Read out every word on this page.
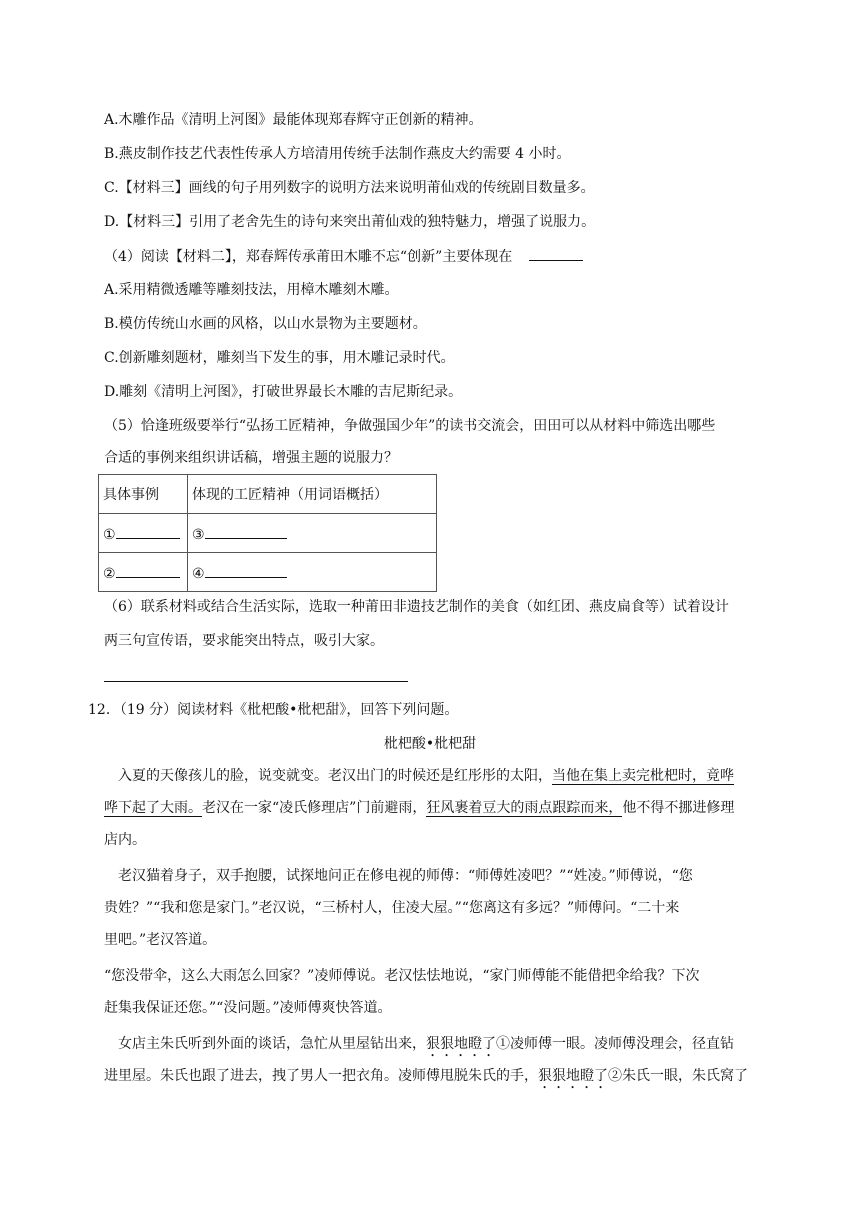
A.木雕作品《清明上河图》最能体现郑春辉守正创新的精神。
B.燕皮制作技艺代表性传承人方培清用传统手法制作燕皮大约需要 4 小时。
C.【材料三】画线的句子用列数字的说明方法来说明莆仙戏的传统剧目数量多。
D.【材料三】引用了老舍先生的诗句来突出莆仙戏的独特魅力，增强了说服力。
（4）阅读【材料二】，郑春辉传承莆田木雕不忘“创新”主要体现在
A.采用精微透雕等雕刻技法，用樟木雕刻木雕。
B.模仿传统山水画的风格，以山水景物为主要题材。
C.创新雕刻题材，雕刻当下发生的事，用木雕记录时代。
D.雕刻《清明上河图》，打破世界最长木雕的吉尼斯纪录。
（5）恰逢班级要举行“弘扬工匠精神，争做强国少年”的读书交流会，田田可以从材料中筛选出哪些
合适的事例来组织讲话稿，增强主题的说服力？
具体事例	体现的工匠精神（用词语概括）
①	③
②	④
（6）联系材料或结合生活实际，选取一种莆田非遗技艺制作的美食（如红团、燕皮扁食等）试着设计
两三句宣传语，要求能突出特点，吸引大家。
12．（19 分）阅读材料《枇杷酸•枇杷甜》，回答下列问题。
枇杷酸•枇杷甜
入夏的天像孩儿的脸，说变就变。老汉出门的时候还是红彤彤的太阳，当他在集上卖完枇杷时，竟哗
哗下起了大雨。老汉在一家“凌氏修理店”门前避雨，狂风裹着豆大的雨点跟踪而来，他不得不挪进修理
店内。
老汉猫着身子，双手抱腰，试探地问正在修电视的师傅：“师傅姓凌吧？”“姓凌。”师傅说，“您
贵姓？”“我和您是家门。”老汉说，“三桥村人，住凌大屋。”“您离这有多远？”师傅问。“二十来
里吧。”老汉答道。
“您没带伞，这么大雨怎么回家？”凌师傅说。老汉怯怯地说，“家门师傅能不能借把伞给我？下次
赶集我保证还您。”“没问题。”凌师傅爽快答道。
女店主朱氏听到外面的谈话，急忙从里屋钻出来，狠狠地瞪了①凌师傅一眼。凌师傅没理会，径直钻
进里屋。朱氏也跟了进去，拽了男人一把衣角。凌师傅甩脱朱氏的手，狠狠地瞪了②朱氏一眼，朱氏窝了
